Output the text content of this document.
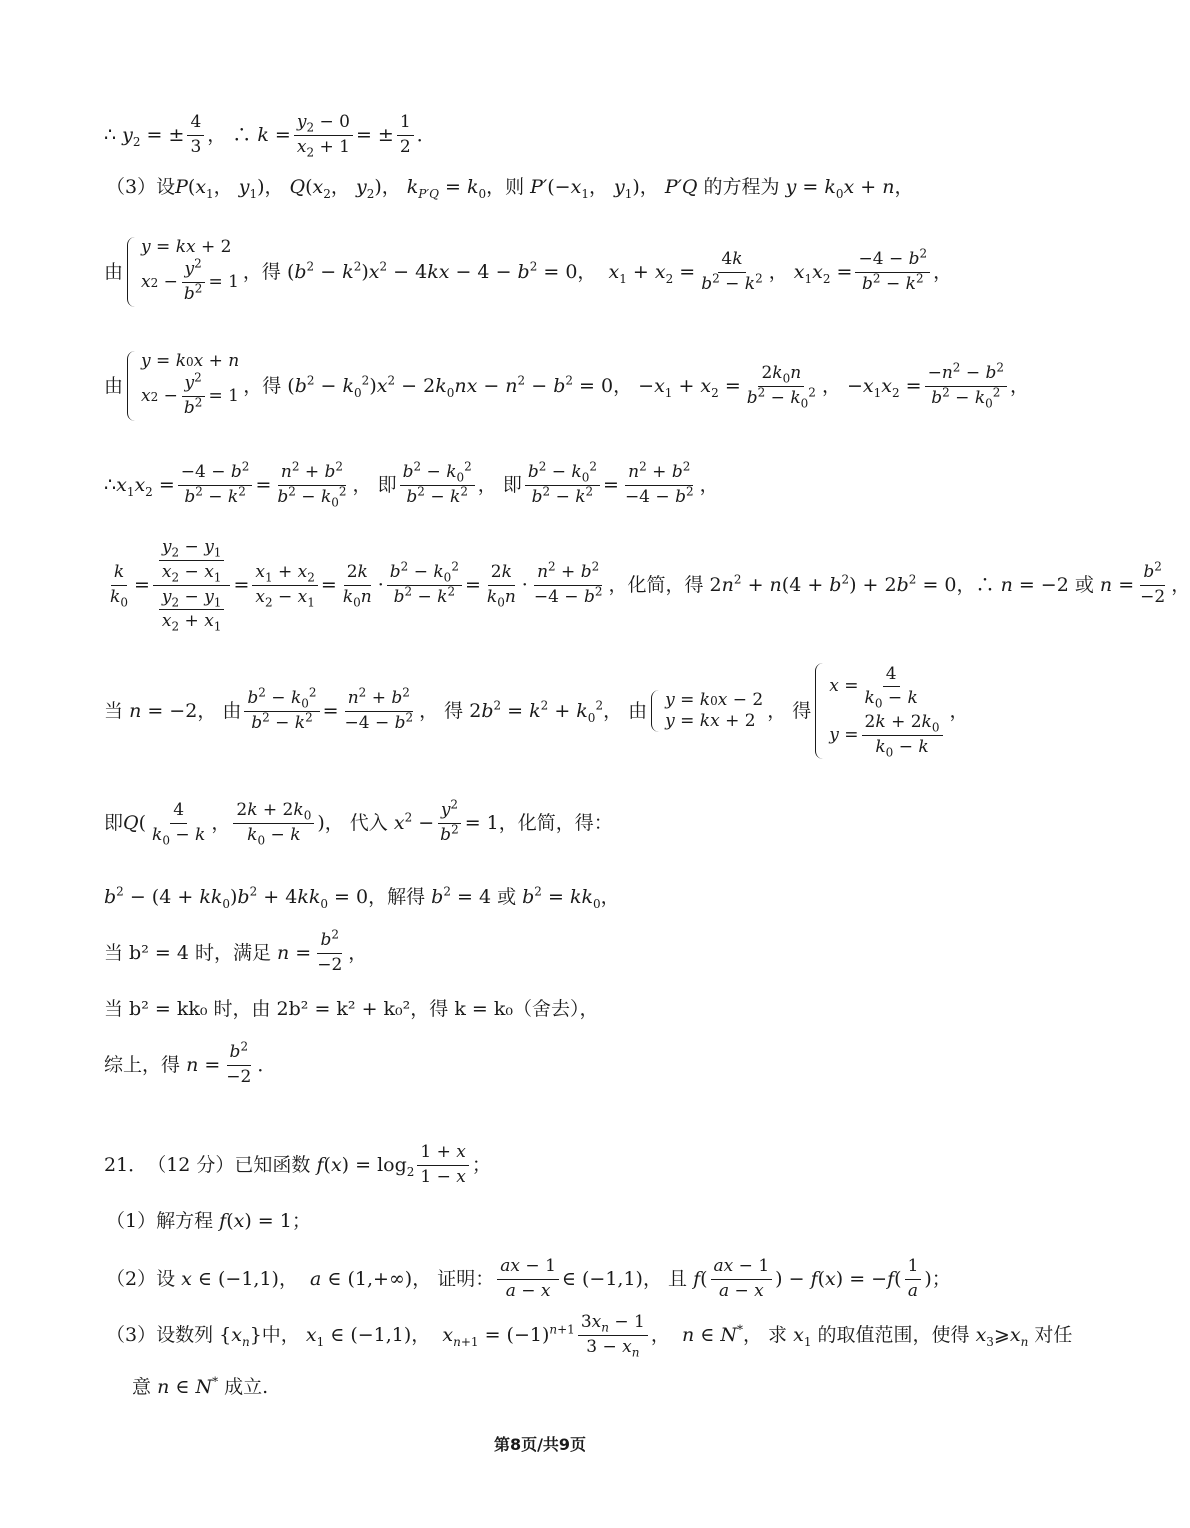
∴ $y_2$ = ± $\frac{4}{3}$ ， ∴ $k = \frac{y_2 - 0}{x_2 + 1}$ = ± $\frac{1}{2}$ ．
（3）设 $P(x_1$， $y_1$)， $Q(x_2$， $y_2$)， $k_{P'Q} = k_0$，则 $P'(-x_1$， $y_1$)， P′Q 的方程为 $y = k_0x + n$，
由
y = kx + 2
x $2 - \frac{y^2}{b^2} = 1$ ，得 $(b^2 - k^2)x^2 - 4kx - 4 - b^2 = 0$，  $x_1 + x_2 = \frac{4k}{b^2 - k^2}$ ， $x_1x_2 = \frac{-4 - b^2}{b^2 - k^2}$ ，
由
y = k 0 x + n
x $2 - \frac{y^2}{b^2} = 1$ ，得 $(b^2 - k_0^2)x^2 - 2k_0nx - n^2 - b^2 = 0$， $-x_1 + x_2 = \frac{2k_0n}{b^2 - k_0^2}$ ， $-x_1x_2 = \frac{-n^2 - b^2}{b^2 - k_0^2}$ ，
∴ $x_1x_2 = \frac{-4 - b^2}{b^2 - k^2} = \frac{n^2 + b^2}{b^2 - k_0^2}$ ， 即 $\frac{b^2 - k_0^2}{b^2 - k^2}$ ， 即 $\frac{b^2 - k_0^2}{b^2 - k^2} = \frac{n^2 + b^2}{-4 - b^2}$ ，
$\frac{k}{k_0} = \frac{\frac{y_2 - y_1}{x_2 - x_1}}{\frac{y_2 - y_1}{x_2 + x_1}} = \frac{x_1 + x_2}{x_2 - x_1} = \frac{2k}{k_0n} \cdot \frac{b^2 - k_0^2}{b^2 - k^2} = \frac{2k}{k_0n} \cdot \frac{n^2 + b^2}{-4 - b^2}$ ， 化简，得 $2n^2 + n(4 + b^2) + 2b^2 = 0$，∴ n = −2 或 $n = \frac{b^2}{-2}$ ，
当 n = −2， 由 $\frac{b^2 - k_0^2}{b^2 - k^2} = \frac{n^2 + b^2}{-4 - b^2}$ ， 得 $2b^2 = k^2 + k_0^2$， 由 y = k 0 x − 2
y = kx + 2 ， 得
$x = \frac{4}{k_0 - k}$
$y = \frac{2k + 2k_0}{k_0 - k}$
，
即 $Q( \frac{4}{k_0 - k}$ ， $\frac{2k + 2k_0}{k_0 - k}$ )， 代入 $x^2 - \frac{y^2}{b^2} = 1$， 化简，得：
$b^2 - (4 + kk_0)b^2 + 4kk_0 = 0$， 解得 $b^2 = 4$ 或 $b^2 = kk_0$，
当 b² = 4 时，满足 $n = \frac{b^2}{-2}$ ，
当 b² = kk₀ 时，由 2b² = k² + k₀²，得 k = k₀（舍去），
综上，得 $n = \frac{b^2}{-2}$ ．
21． （12 分） 已知函数 $f(x) = \log_2 \frac{1 + x}{1 - x}$ ；
（1）解方程 f(x) = 1；
（2）设 x ∈ (−1,1)，  a ∈ (1,+∞)， 证明： $\frac{ax - 1}{a - x}$ ∈ (−1,1)， 且 $f( \frac{ax - 1}{a - x}$ ) − $f(x) = -f( \frac{1}{a}$ )；
（3）设数列 $\{x_n\}$ 中， $x_1$ ∈ (−1,1)，  $x_{n+1} = (-1)^{n+1} \frac{3x_n - 1}{3 - x_n}$ ，  n ∈ N*， 求 $x_1$ 的取值范围，使得 $x_3⩾x_n$ 对任
意 n ∈ N* 成立.
第8页/共9页
